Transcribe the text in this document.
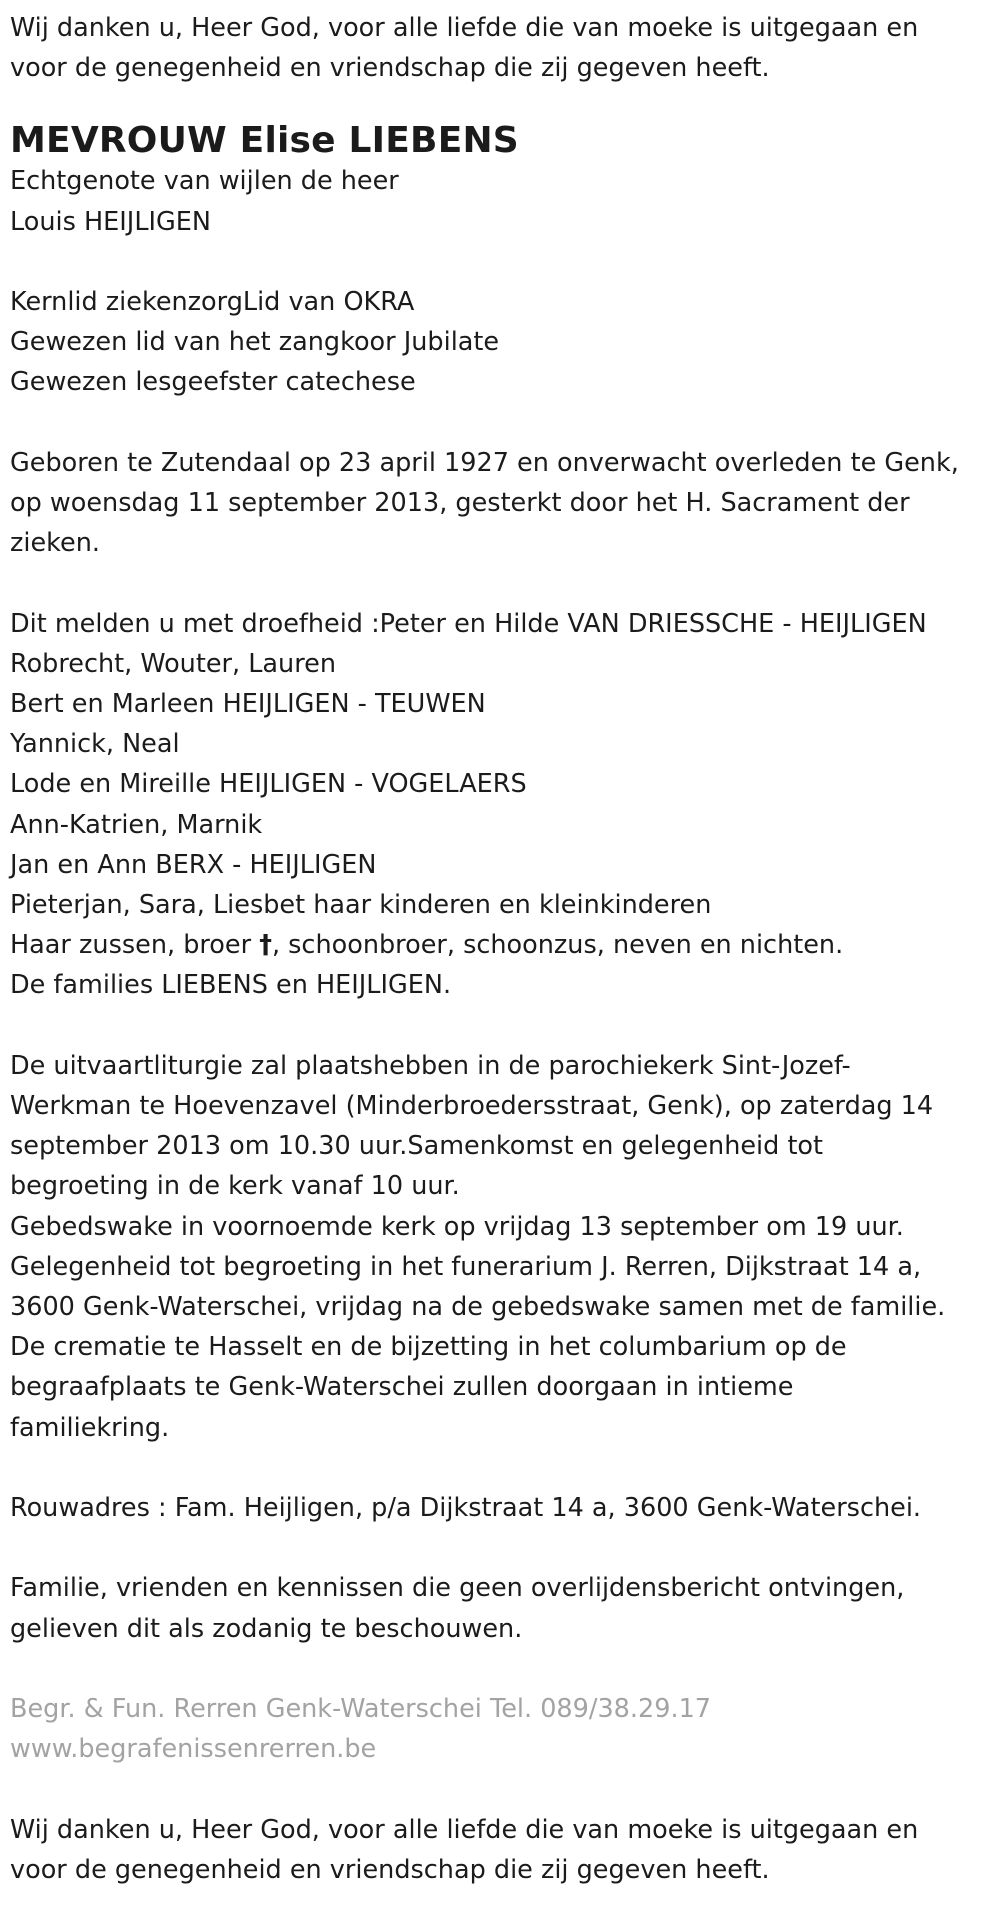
Wij danken u, Heer God, voor alle liefde die van moeke is uitgegaan en
voor de genegenheid en vriendschap die zij gegeven heeft.

MEVROUW Elise LIEBENS

Echtgenote van wijlen de heer
Louis HEIJLIGEN

Kernlid ziekenzorgLid van OKRA
Gewezen lid van het zangkoor Jubilate
Gewezen lesgeefster catechese

Geboren te Zutendaal op 23 april 1927 en onverwacht overleden te Genk,
op woensdag 11 september 2013, gesterkt door het H. Sacrament der
zieken.

Dit melden u met droefheid :Peter en Hilde VAN DRIESSCHE - HEIJLIGEN
Robrecht, Wouter, Lauren
Bert en Marleen HEIJLIGEN - TEUWEN
Yannick, Neal
Lode en Mireille HEIJLIGEN - VOGELAERS
Ann-Katrien, Marnik
Jan en Ann BERX - HEIJLIGEN
Pieterjan, Sara, Liesbet haar kinderen en kleinkinderen
Haar zussen, broer †, schoonbroer, schoonzus, neven en nichten.
De families LIEBENS en HEIJLIGEN.

De uitvaartliturgie zal plaatshebben in de parochiekerk Sint-Jozef-
Werkman te Hoevenzavel (Minderbroedersstraat, Genk), op zaterdag 14
september 2013 om 10.30 uur.Samenkomst en gelegenheid tot
begroeting in de kerk vanaf 10 uur.
Gebedswake in voornoemde kerk op vrijdag 13 september om 19 uur.
Gelegenheid tot begroeting in het funerarium J. Rerren, Dijkstraat 14 a,
3600 Genk-Waterschei, vrijdag na de gebedswake samen met de familie.
De crematie te Hasselt en de bijzetting in het columbarium op de
begraafplaats te Genk-Waterschei zullen doorgaan in intieme
familiekring.

Rouwadres : Fam. Heijligen, p/a Dijkstraat 14 a, 3600 Genk-Waterschei.

Familie, vrienden en kennissen die geen overlijdensbericht ontvingen,
gelieven dit als zodanig te beschouwen.

Begr. & Fun. Rerren Genk-Waterschei Tel. 089/38.29.17
www.begrafenissenrerren.be

Wij danken u, Heer God, voor alle liefde die van moeke is uitgegaan en
voor de genegenheid en vriendschap die zij gegeven heeft.
